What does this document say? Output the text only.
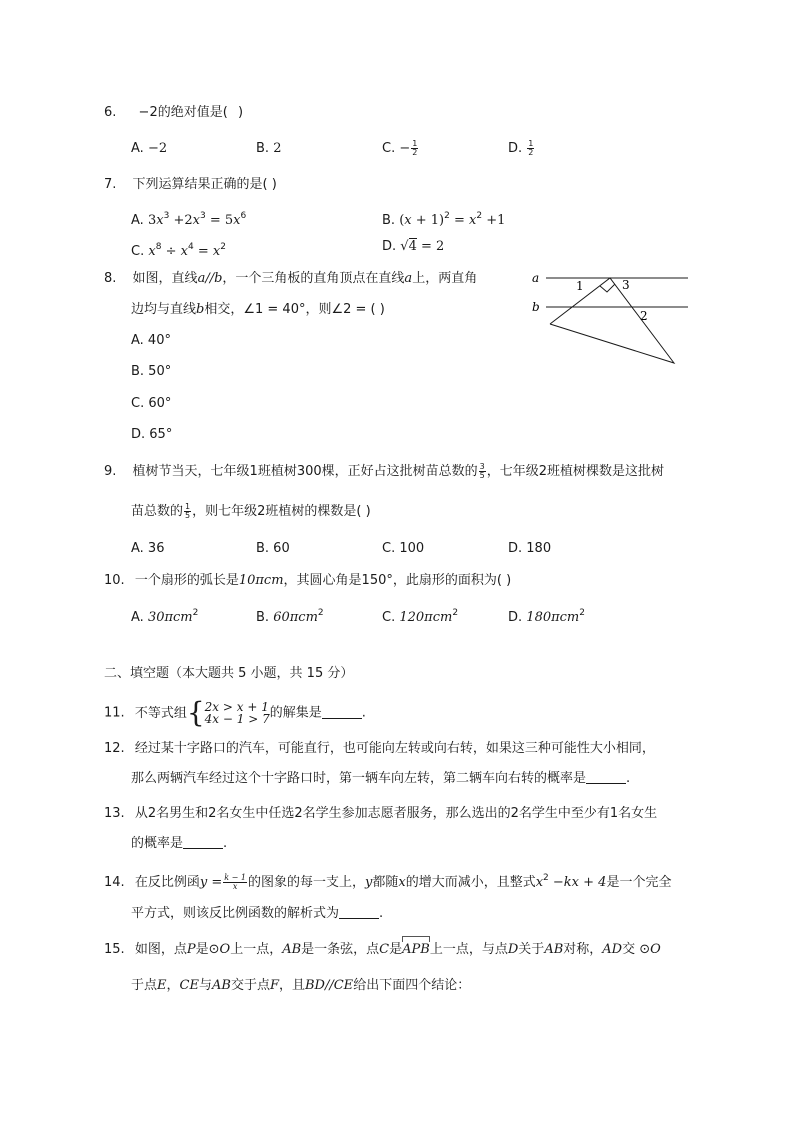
6. −2的绝对值是( )
A. −2	B. 2	C. − $\frac{1}{2}$	D. $\frac{1}{2}$
7. 下列运算结果正确的是( )
A. $3x^3 +2x^3 = 5x^6$	B. $(x + 1)^2 = x^2 +1$
C. $x^8 \div x^4 = x^2$	D. √4 = 2
8. 如图，直线a//b，一个三角板的直角顶点在直线a上，两直角
边均与直线b相交，∠1 = 40°，则∠2 = ( )
A. 40°
B. 50°
C. 60°
D. 65°
a
b
1	3
2
9. 植树节当天，七年级1班植树300棵，正好占这批树苗总数的 $\frac{3}{5}$ ，七年级2班植树棵数是这批树
苗总数的 $\frac{1}{5}$ ，则七年级2班植树的棵数是( )
A. 36	B. 60	C. 100	D. 180
10. 一个扇形的弧长是10πcm，其圆心角是150°，此扇形的面积为( )
A. 30πcm$^2$	B. 60πcm$^2$	C. 120πcm$^2$	D. 180πcm$^2$
二、填空题（本大题共 5 小题，共 15 分）
11. 不等式组{ 2x > x + 1
4x − 1 > 7 的解集是	.
12. 经过某十字路口的汽车，可能直行，也可能向左转或向右转，如果这三种可能性大小相同，
那么两辆汽车经过这个十字路口时，第一辆车向左转，第二辆车向右转的概率是	.
13. 从2名男生和2名女生中任选2名学生参加志愿者服务，那么选出的2名学生中至少有1名女生
的概率是	.
14. 在反比例函$y = \frac{k - 1}{x}$ 的图象的每一支上，y都随x的增大而减小，且整式$x^2 -kx + 4$是一个完全
平方式，则该反比例函数的解析式为	.
15. 如图，点P是⊙O上一点，AB是一条弦，点C是APB上一点，与点D关于AB对称，AD交 ⊙O
于点E，CE与AB交于点F，且BD//CE给出下面四个结论：
